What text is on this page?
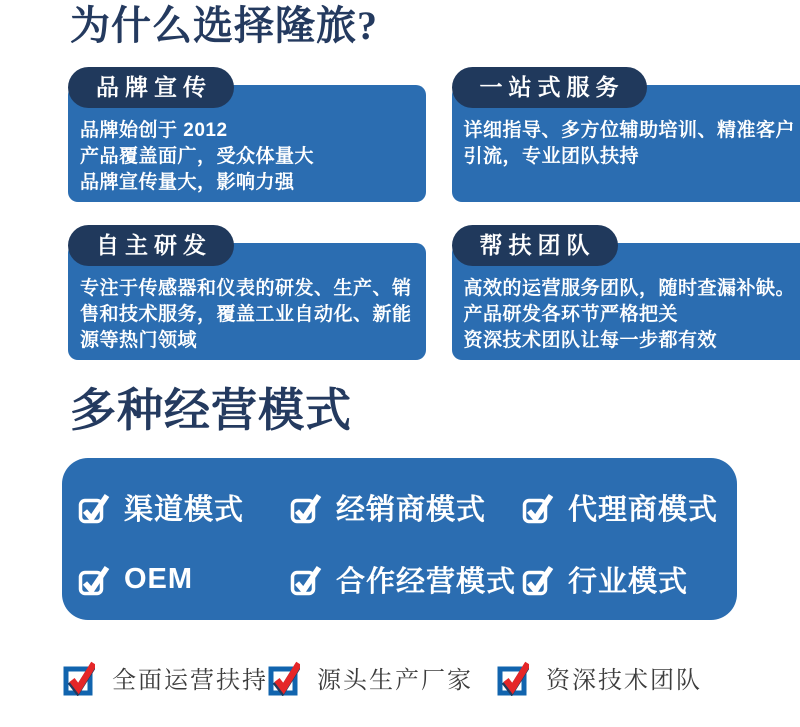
为什么选择隆旅?
品牌宣传
品牌始创于 2012
产品覆盖面广，受众体量大
品牌宣传量大，影响力强
一站式服务
详细指导、多方位辅助培训、精准客户
引流，专业团队扶持
自主研发
专注于传感器和仪表的研发、生产、销
售和技术服务，覆盖工业自动化、新能
源等热门领域
帮扶团队
高效的运营服务团队，随时查漏补缺。
产品研发各环节严格把关
资深技术团队让每一步都有效
多种经营模式
渠道模式	经销商模式	代理商模式
OEM	合作经营模式 行业模式
全面运营扶持 源头生产厂家	资深技术团队
